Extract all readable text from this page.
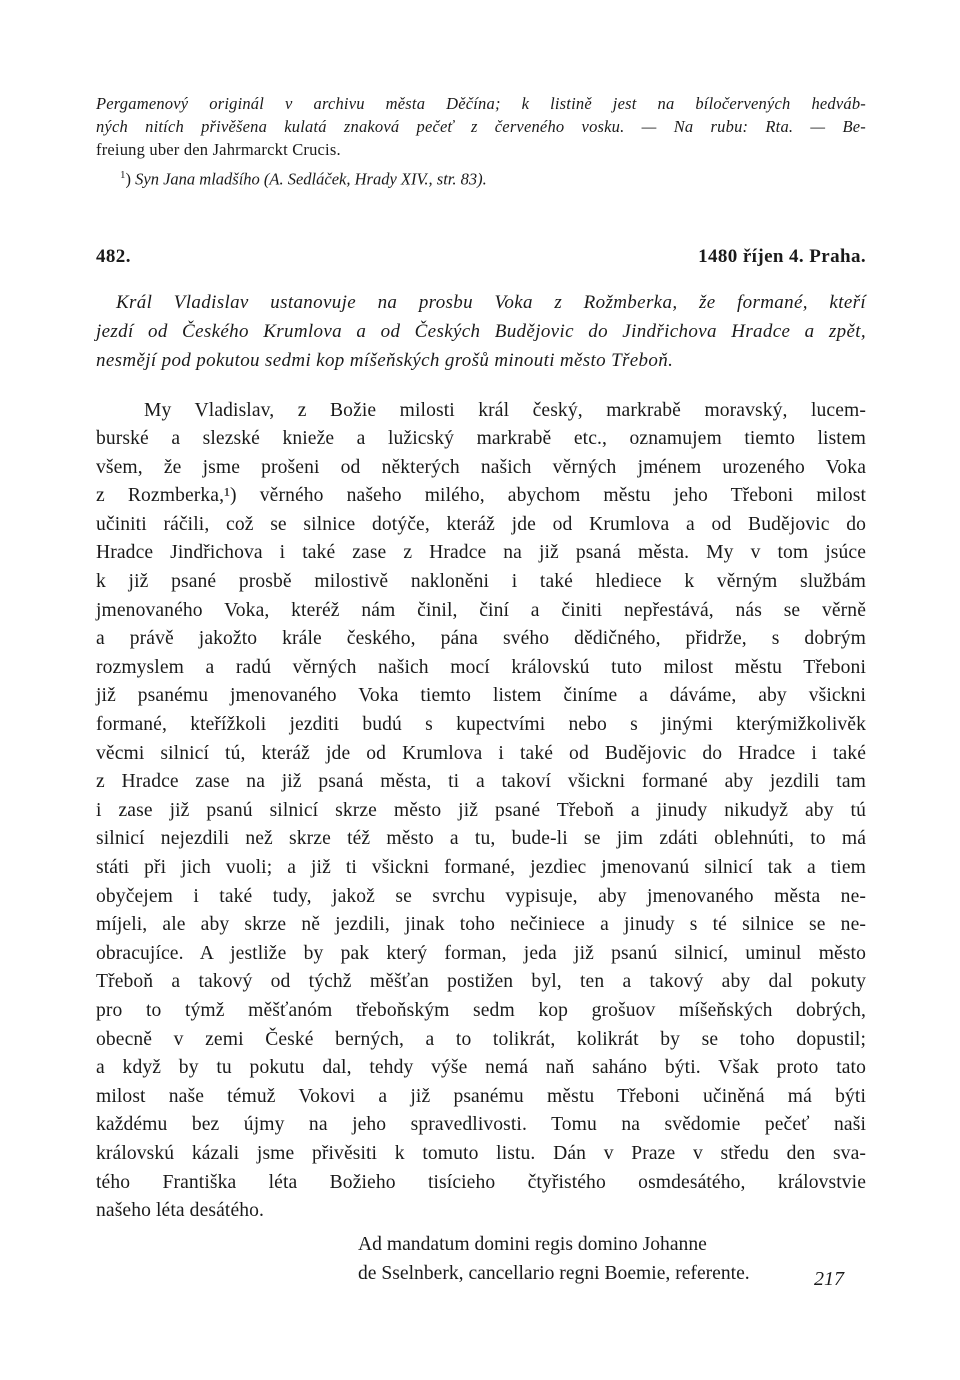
Pergamenový originál v archivu města Děčína; k listině jest na bíločervených hedváb-
ných nitích přivěšena kulatá znaková pečeť z červeného vosku. — Na rubu: Rta. — Be-
freiung uber den Jahrmarckt Crucis.
$^1$) Syn Jana mladšího (A. Sedláček, Hrady XIV., str. 83).
482.	1480 říjen 4. Praha.
Král Vladislav ustanovuje na prosbu Voka z Rožmberka, že formané, kteří
jezdí od Českého Krumlova a od Českých Budějovic do Jindřichova Hradce a zpět,
nesmějí pod pokutou sedmi kop míšeňských grošů minouti město Třeboň.
My Vladislav, z Božie milosti král český, markrabě moravský, lucem-
burské a slezské knieže a lužicský markrabě etc., oznamujem tiemto listem
všem, že jsme prošeni od některých našich věrných jménem urozeného Voka
z Rozmberka,¹) věrného našeho milého, abychom městu jeho Třeboni milost
učiniti ráčili, což se silnice dotýče, kteráž jde od Krumlova a od Budějovic do
Hradce Jindřichova i také zase z Hradce na již psaná města. My v tom jsúce
k již psané prosbě milostivě nakloněni i také hlediece k věrným službám
jmenovaného Voka, kteréž nám činil, činí a činiti nepřestává, nás se věrně
a právě jakožto krále českého, pána svého dědičného, přidrže, s dobrým
rozmyslem a radú věrných našich mocí královskú tuto milost městu Třeboni
již psanému jmenovaného Voka tiemto listem činíme a dáváme, aby všickni
formané, kteřížkoli jezditi budú s kupectvími nebo s jinými kterýmižkolivěk
věcmi silnicí tú, kteráž jde od Krumlova i také od Budějovic do Hradce i také
z Hradce zase na již psaná města, ti a takoví všickni formané aby jezdili tam
i zase již psanú silnicí skrze město již psané Třeboň a jinudy nikudyž aby tú
silnicí nejezdili než skrze též město a tu, bude-li se jim zdáti oblehnúti, to má
státi při jich vuoli; a již ti všickni formané, jezdiec jmenovanú silnicí tak a tiem
obyčejem i také tudy, jakož se svrchu vypisuje, aby jmenovaného města ne-
míjeli, ale aby skrze ně jezdili, jinak toho nečiniece a jinudy s té silnice se ne-
obracujíce. A jestližе by pak který forman, jeda již psanú silnicí, uminul město
Třeboň a takový od týchž měšťan postižen byl, ten a takový aby dal pokuty
pro to týmž měšťanóm třeboňským sedm kop grošuov míšeňských dobrých,
obecně v zemi České berných, a to tolikrát, kolikrát by se toho dopustil;
a když by tu pokutu dal, tehdy výše nemá naň saháno býti. Však proto tato
milost naše témuž Vokovi a již psanému městu Třeboni učiněná má býti
každému bez újmy na jeho spravedlivosti. Tomu na svědomie pečeť naši
královskú kázali jsme přivěsiti k tomuto listu. Dán v Praze v středu den sva-
tého Františka léta Božieho tisícieho čtyřistého osmdesátého, královstvie
našeho léta desátého.
Ad mandatum domini regis domino Johanne
de Sselnberk, cancellario regni Boemie, referente.	217
